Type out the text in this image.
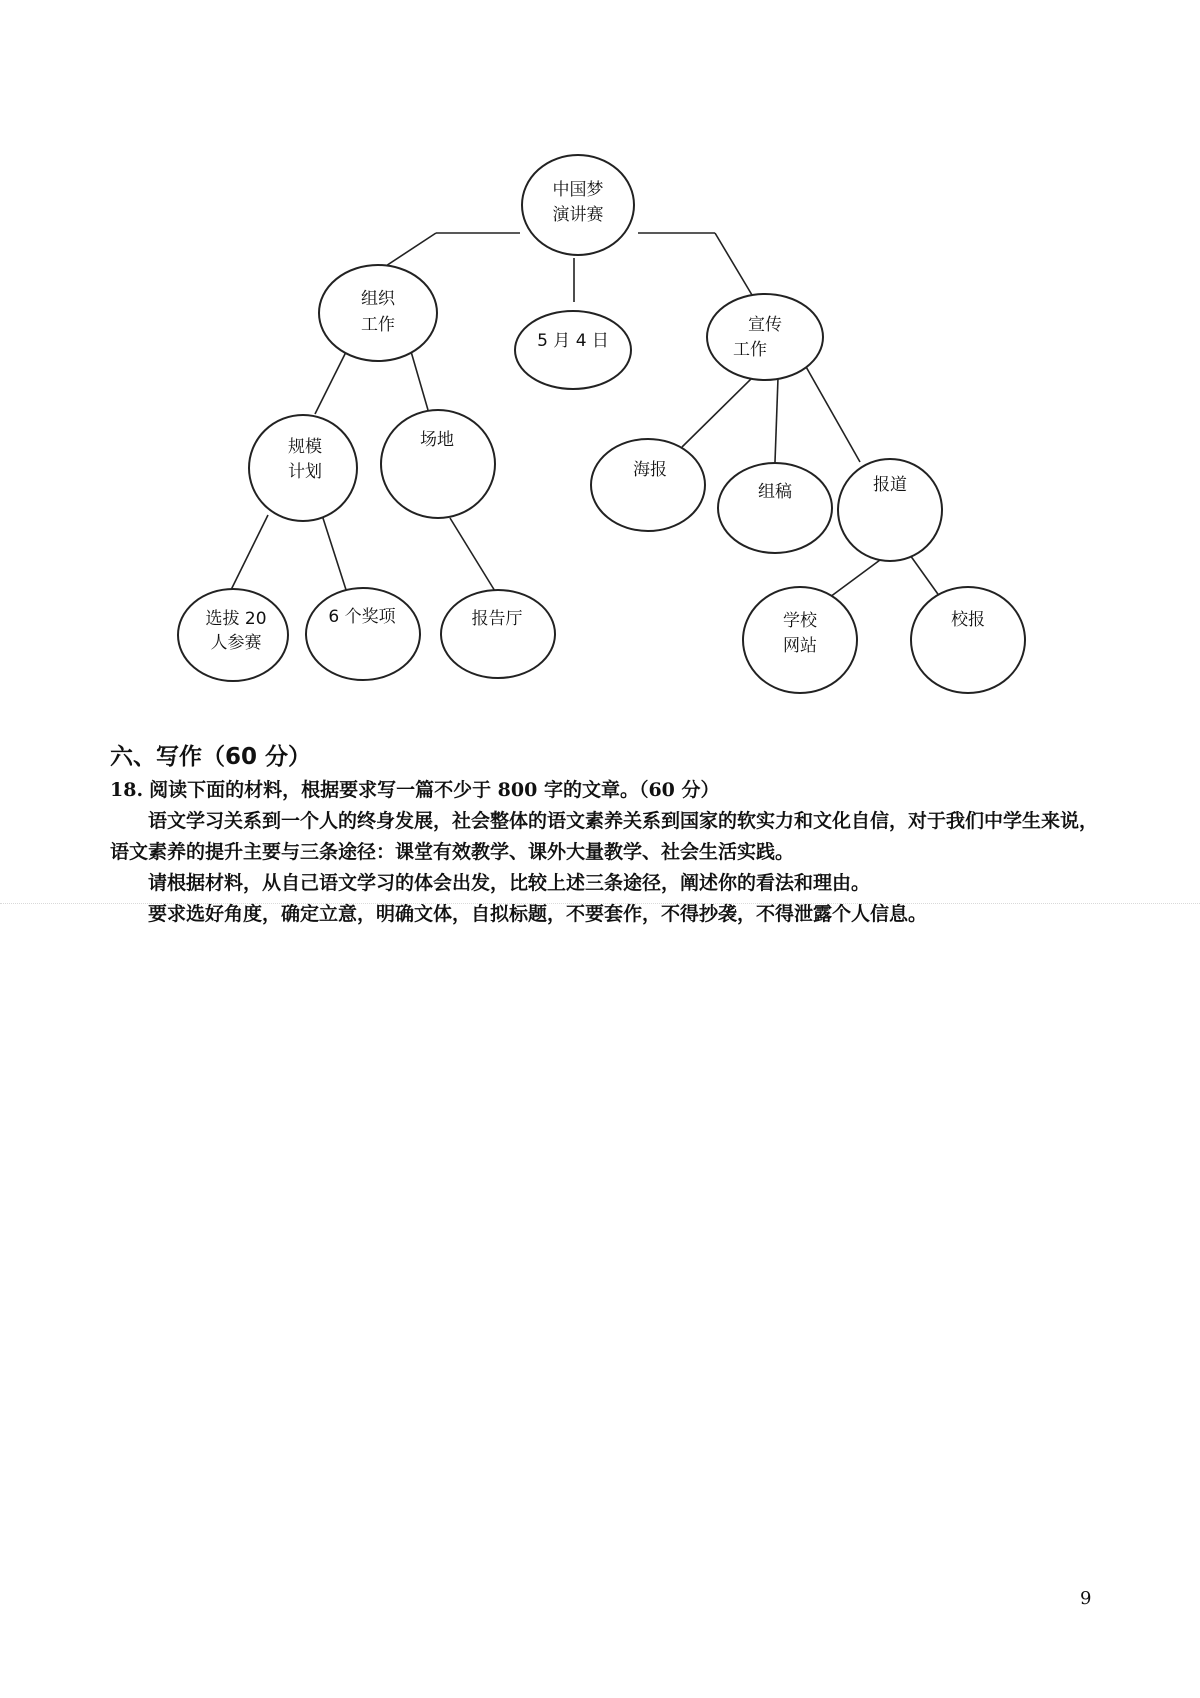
中国梦
演讲赛
组织
工作
5 月 4 日
宣传
工作
规模
计划
场地
选拔 20
人参赛
6 个奖项	报告厅
海报
组稿	报道
学校
网站
校报
六、写作（60 分）

18. 阅读下面的材料，根据要求写一篇不少于 800 字的文章。（60 分）

语文学习关系到一个人的终身发展，社会整体的语文素养关系到国家的软实力和文化自信，对于我们中学生来说，语文素养的提升主要与三条途径：课堂有效教学、课外大量教学、社会生活实践。

请根据材料，从自己语文学习的体会出发，比较上述三条途径，阐述你的看法和理由。

要求选好角度，确定立意，明确文体，自拟标题，不要套作，不得抄袭，不得泄露个人信息。

9
